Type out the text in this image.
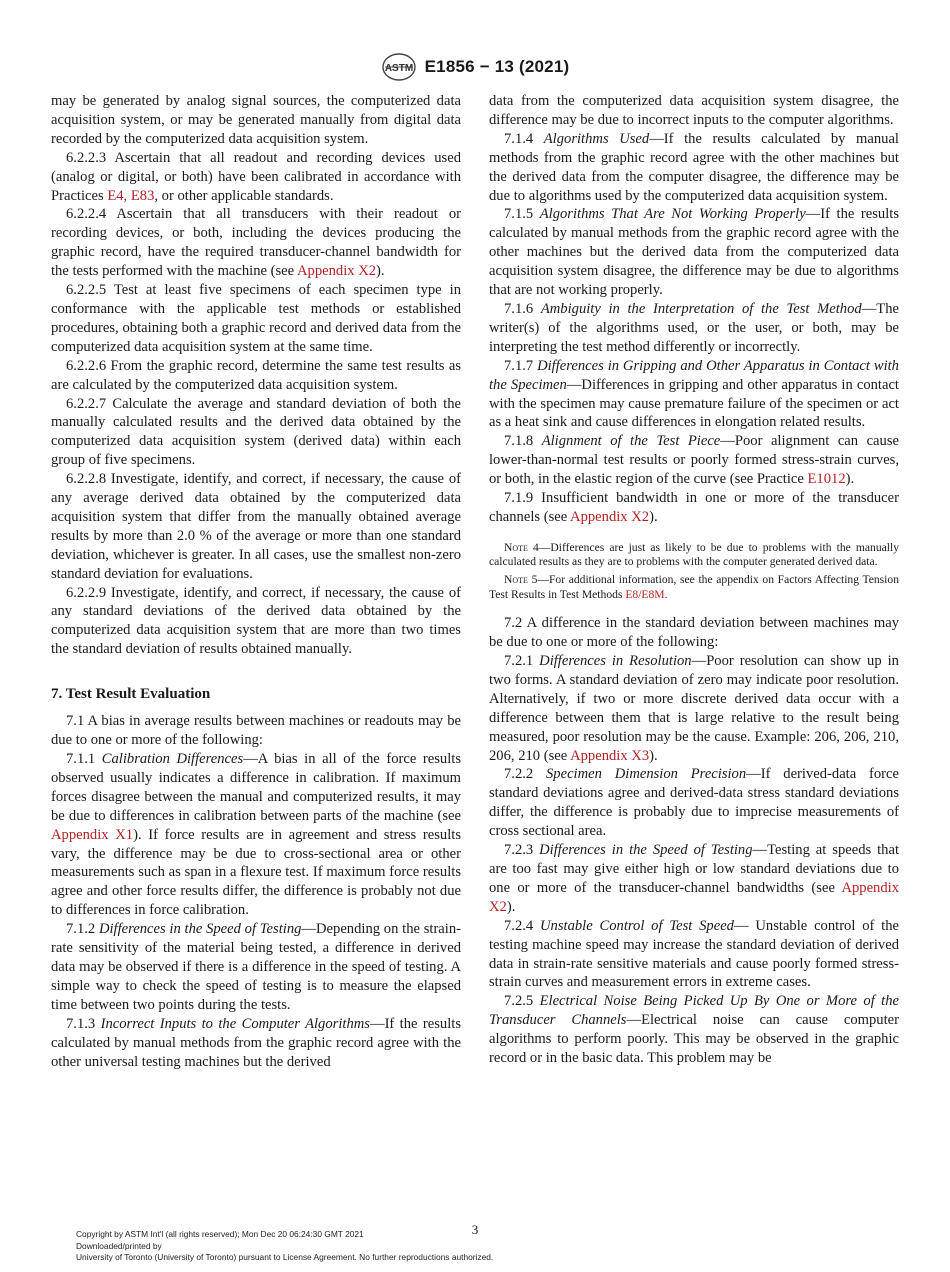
ASTM E1856 − 13 (2021)

may be generated by analog signal sources, the computerized data acquisition system, or may be generated manually from digital data recorded by the computerized data acquisition system.

6.2.2.3 Ascertain that all readout and recording devices used (analog or digital, or both) have been calibrated in accordance with Practices E4, E83, or other applicable standards.

6.2.2.4 Ascertain that all transducers with their readout or recording devices, or both, including the devices producing the graphic record, have the required transducer-channel bandwidth for the tests performed with the machine (see Appendix X2).

6.2.2.5 Test at least five specimens of each specimen type in conformance with the applicable test methods or established procedures, obtaining both a graphic record and derived data from the computerized data acquisition system at the same time.

6.2.2.6 From the graphic record, determine the same test results as are calculated by the computerized data acquisition system.

6.2.2.7 Calculate the average and standard deviation of both the manually calculated results and the derived data obtained by the computerized data acquisition system (derived data) within each group of five specimens.

6.2.2.8 Investigate, identify, and correct, if necessary, the cause of any average derived data obtained by the computerized data acquisition system that differ from the manually obtained average results by more than 2.0 % of the average or more than one standard deviation, whichever is greater. In all cases, use the smallest non-zero standard deviation for evaluations.

6.2.2.9 Investigate, identify, and correct, if necessary, the cause of any standard deviations of the derived data obtained by the computerized data acquisition system that are more than two times the standard deviation of results obtained manually.

7. Test Result Evaluation

7.1 A bias in average results between machines or readouts may be due to one or more of the following:

7.1.1 Calibration Differences—A bias in all of the force results observed usually indicates a difference in calibration. If maximum forces disagree between the manual and computerized results, it may be due to differences in calibration between parts of the machine (see Appendix X1). If force results are in agreement and stress results vary, the difference may be due to cross-sectional area or other measurements such as span in a flexure test. If maximum force results agree and other force results differ, the difference is probably not due to differences in force calibration.

7.1.2 Differences in the Speed of Testing—Depending on the strain-rate sensitivity of the material being tested, a difference in derived data may be observed if there is a difference in the speed of testing. A simple way to check the speed of testing is to measure the elapsed time between two points during the tests.

7.1.3 Incorrect Inputs to the Computer Algorithms—If the results calculated by manual methods from the graphic record agree with the other universal testing machines but the derived

data from the computerized data acquisition system disagree, the difference may be due to incorrect inputs to the computer algorithms.

7.1.4 Algorithms Used—If the results calculated by manual methods from the graphic record agree with the other machines but the derived data from the computer disagree, the difference may be due to algorithms used by the computerized data acquisition system.

7.1.5 Algorithms That Are Not Working Properly—If the results calculated by manual methods from the graphic record agree with the other machines but the derived data from the computerized data acquisition system disagree, the difference may be due to algorithms that are not working properly.

7.1.6 Ambiguity in the Interpretation of the Test Method—The writer(s) of the algorithms used, or the user, or both, may be interpreting the test method differently or incorrectly.

7.1.7 Differences in Gripping and Other Apparatus in Contact with the Specimen—Differences in gripping and other apparatus in contact with the specimen may cause premature failure of the specimen or act as a heat sink and cause differences in elongation related results.

7.1.8 Alignment of the Test Piece—Poor alignment can cause lower-than-normal test results or poorly formed stress-strain curves, or both, in the elastic region of the curve (see Practice E1012).

7.1.9 Insufficient bandwidth in one or more of the transducer channels (see Appendix X2).

Note 4—Differences are just as likely to be due to problems with the manually calculated results as they are to problems with the computer generated derived data.

Note 5—For additional information, see the appendix on Factors Affecting Tension Test Results in Test Methods E8/E8M.

7.2 A difference in the standard deviation between machines may be due to one or more of the following:

7.2.1 Differences in Resolution—Poor resolution can show up in two forms. A standard deviation of zero may indicate poor resolution. Alternatively, if two or more discrete derived data occur with a difference between them that is large relative to the result being measured, poor resolution may be the cause. Example: 206, 206, 210, 206, 210 (see Appendix X3).

7.2.2 Specimen Dimension Precision—If derived-data force standard deviations agree and derived-data stress standard deviations differ, the difference is probably due to imprecise measurements of cross sectional area.

7.2.3 Differences in the Speed of Testing—Testing at speeds that are too fast may give either high or low standard deviations due to one or more of the transducer-channel bandwidths (see Appendix X2).

7.2.4 Unstable Control of Test Speed— Unstable control of the testing machine speed may increase the standard deviation of derived data in strain-rate sensitive materials and cause poorly formed stress-strain curves and measurement errors in extreme cases.

7.2.5 Electrical Noise Being Picked Up By One or More of the Transducer Channels—Electrical noise can cause computer algorithms to perform poorly. This may be observed in the graphic record or in the basic data. This problem may be

3
Copyright by ASTM Int'l (all rights reserved); Mon Dec 20 06:24:30 GMT 2021
Downloaded/printed by
University of Toronto (University of Toronto) pursuant to License Agreement. No further reproductions authorized.
